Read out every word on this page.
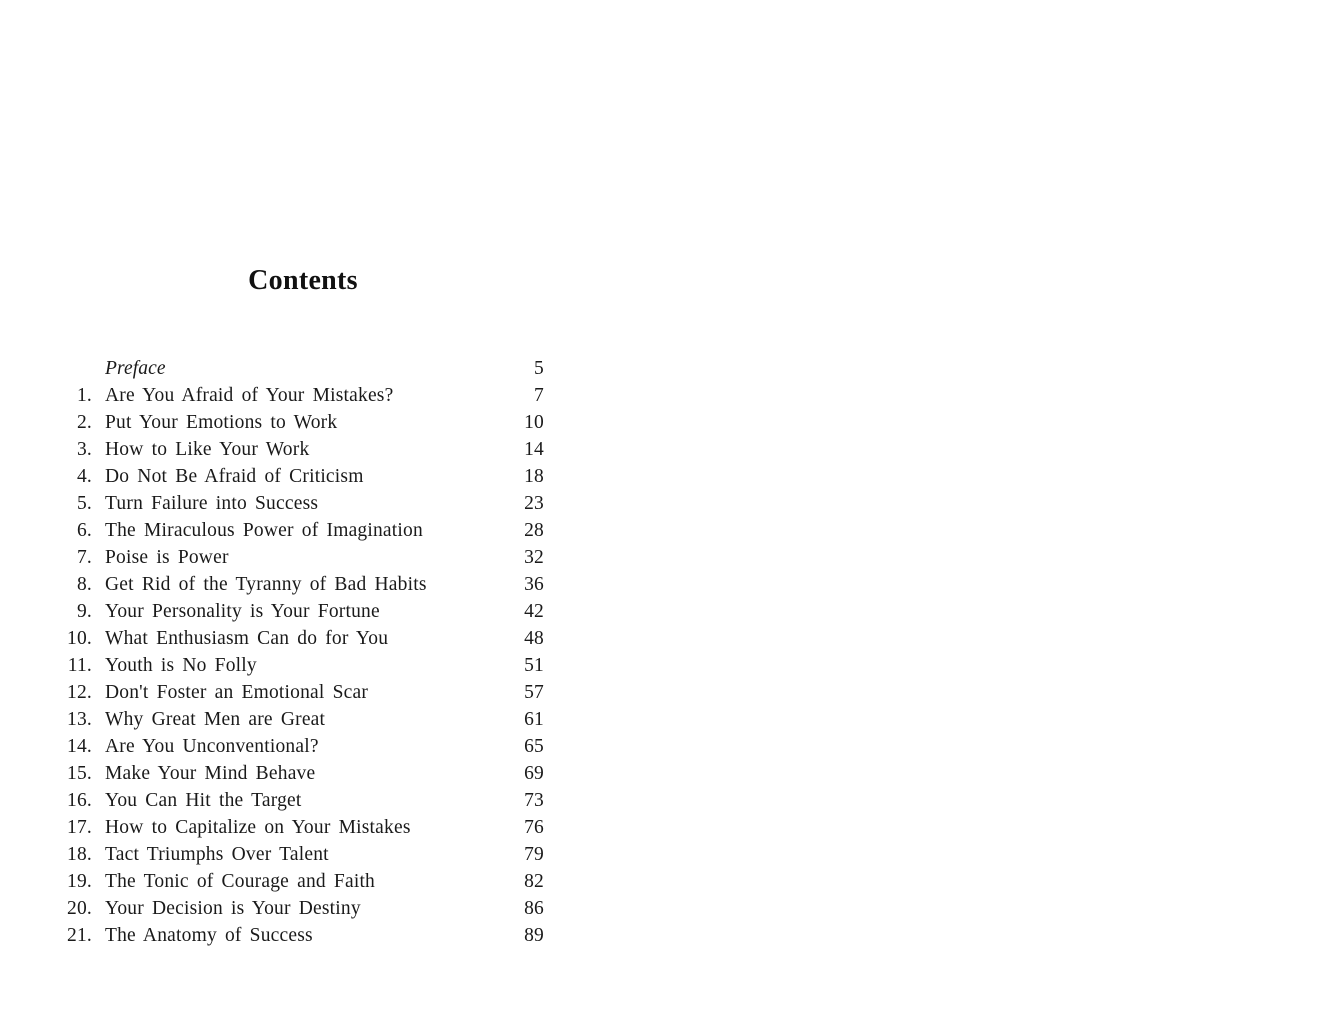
Contents
Preface	5
1. Are You Afraid of Your Mistakes?	7
2. Put Your Emotions to Work	10
3. How to Like Your Work	14
4. Do Not Be Afraid of Criticism	18
5. Turn Failure into Success	23
6. The Miraculous Power of Imagination	28
7. Poise is Power	32
8. Get Rid of the Tyranny of Bad Habits	36
9. Your Personality is Your Fortune	42
10. What Enthusiasm Can do for You	48
11. Youth is No Folly	51
12. Don't Foster an Emotional Scar	57
13. Why Great Men are Great	61
14. Are You Unconventional?	65
15. Make Your Mind Behave	69
16. You Can Hit the Target	73
17. How to Capitalize on Your Mistakes	76
18. Tact Triumphs Over Talent	79
19. The Tonic of Courage and Faith	82
20. Your Decision is Your Destiny	86
21. The Anatomy of Success	89
